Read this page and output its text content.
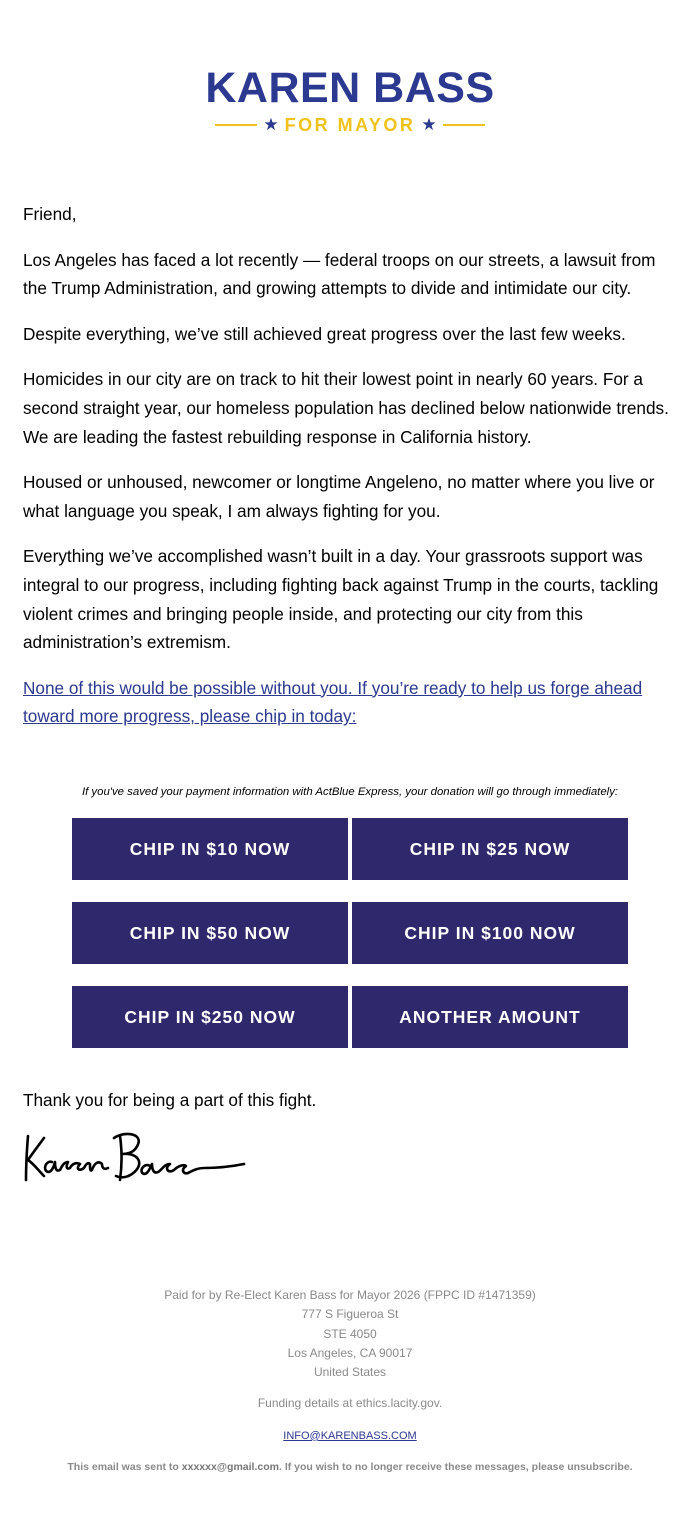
KAREN BASS
★ FOR MAYOR ★

Friend,

Los Angeles has faced a lot recently — federal troops on our streets, a lawsuit from the Trump Administration, and growing attempts to divide and intimidate our city.

Despite everything, we’ve still achieved great progress over the last few weeks.

Homicides in our city are on track to hit their lowest point in nearly 60 years. For a second straight year, our homeless population has declined below nationwide trends. We are leading the fastest rebuilding response in California history.

Housed or unhoused, newcomer or longtime Angeleno, no matter where you live or what language you speak, I am always fighting for you.

Everything we’ve accomplished wasn’t built in a day. Your grassroots support was integral to our progress, including fighting back against Trump in the courts, tackling violent crimes and bringing people inside, and protecting our city from this administration’s extremism.

None of this would be possible without you. If you’re ready to help us forge ahead toward more progress, please chip in today:

If you've saved your payment information with ActBlue Express, your donation will go through immediately:
CHIP IN $10 NOW	CHIP IN $25 NOW
CHIP IN $50 NOW	CHIP IN $100 NOW
CHIP IN $250 NOW	ANOTHER AMOUNT
Thank you for being a part of this fight.
Paid for by Re-Elect Karen Bass for Mayor 2026 (FPPC ID #1471359)
777 S Figueroa St
STE 4050
Los Angeles, CA 90017
United States
Funding details at ethics.lacity.gov.
INFO@KARENBASS.COM
This email was sent to xxxxxx@gmail.com. If you wish to no longer receive these messages, please unsubscribe.
